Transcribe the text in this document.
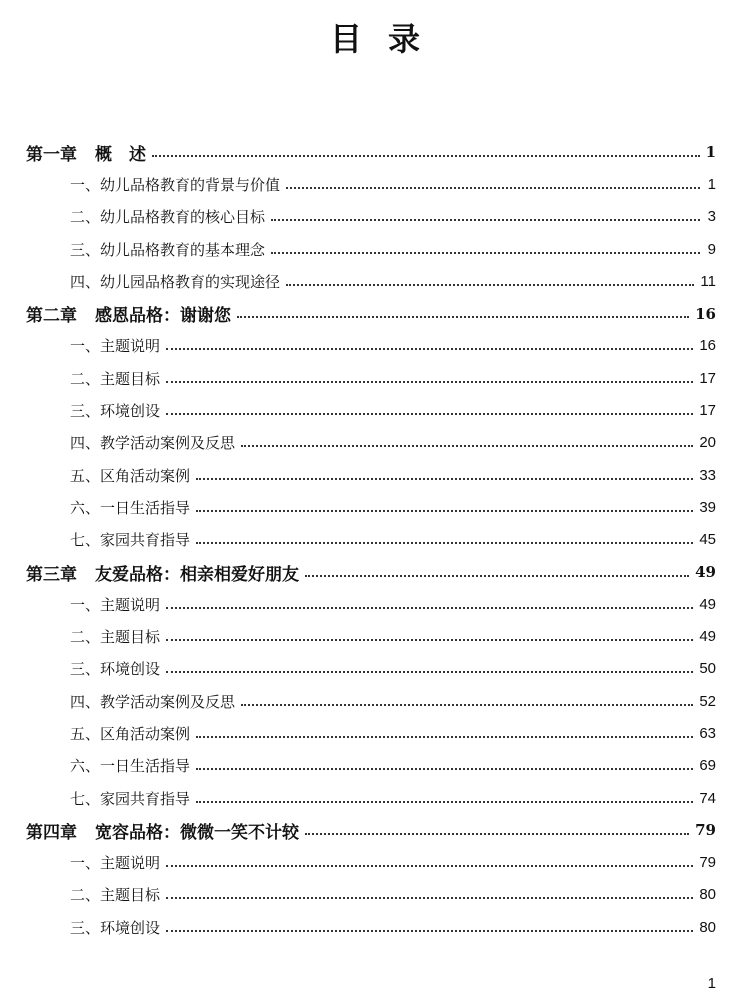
目录
第一章 概　述	1
一、幼儿品格教育的背景与价值	1
二、幼儿品格教育的核心目标	3
三、幼儿品格教育的基本理念	9
四、幼儿园品格教育的实现途径	11
第二章 感恩品格：谢谢您	16
一、主题说明	16
二、主题目标	17
三、环境创设	17
四、教学活动案例及反思	20
五、区角活动案例	33
六、一日生活指导	39
七、家园共育指导	45
第三章 友爱品格：相亲相爱好朋友	49
一、主题说明	49
二、主题目标	49
三、环境创设	50
四、教学活动案例及反思	52
五、区角活动案例	63
六、一日生活指导	69
七、家园共育指导	74
第四章 宽容品格：微微一笑不计较	79
一、主题说明	79
二、主题目标	80
三、环境创设	80
1
